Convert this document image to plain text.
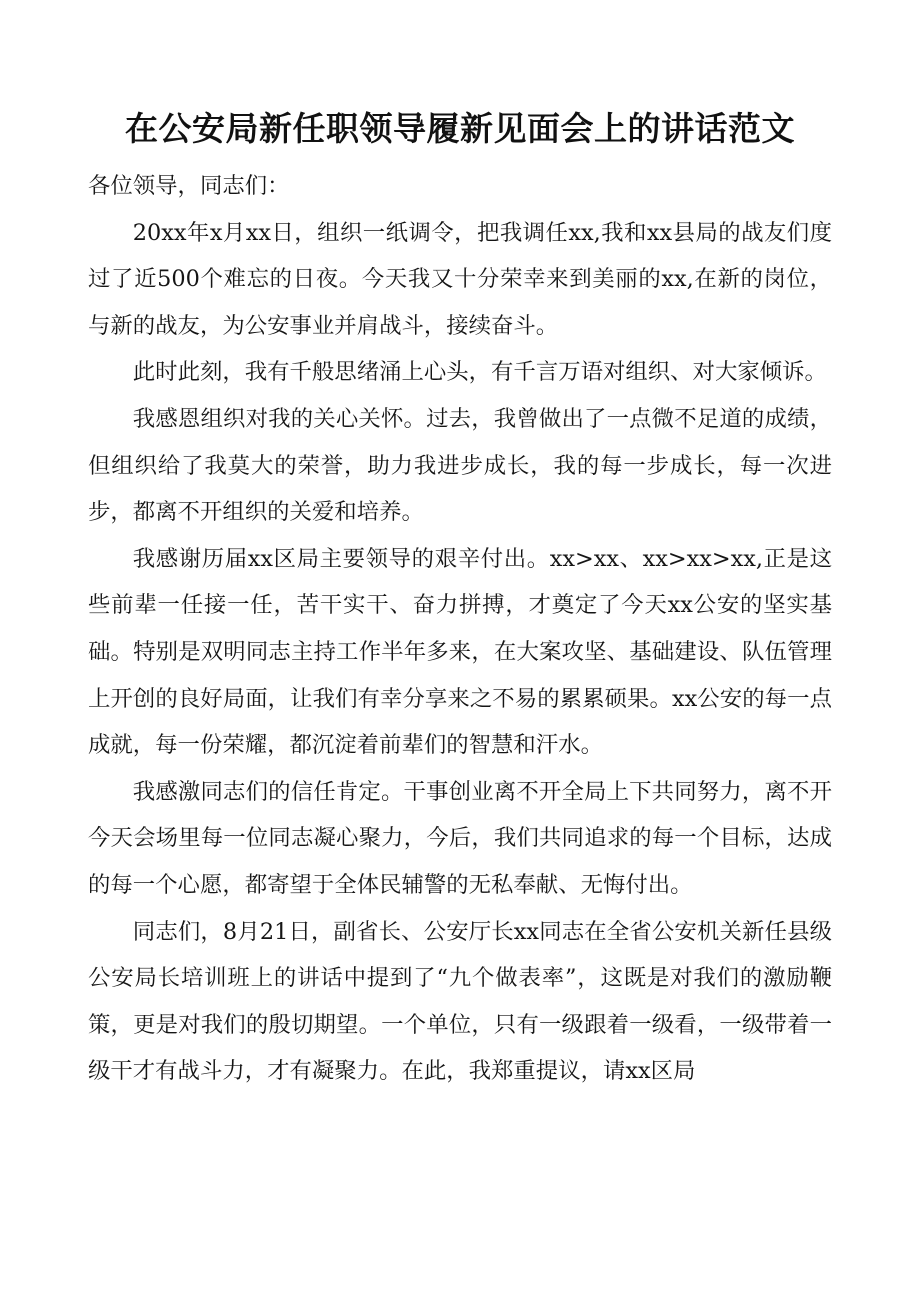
在公安局新任职领导履新见面会上的讲话范文

各位领导，同志们：

20xx年x月xx日，组织一纸调令，把我调任xx,我和xx县局的战友们度过了近500个难忘的日夜。今天我又十分荣幸来到美丽的xx,在新的岗位，与新的战友，为公安事业并肩战斗，接续奋斗。

此时此刻，我有千般思绪涌上心头，有千言万语对组织、对大家倾诉。

我感恩组织对我的关心关怀。过去，我曾做出了一点微不足道的成绩，但组织给了我莫大的荣誉，助力我进步成长，我的每一步成长，每一次进步，都离不开组织的关爱和培养。

我感谢历届xx区局主要领导的艰辛付出。xx>xx、xx>xx>xx,正是这些前辈一任接一任，苦干实干、奋力拼搏，才奠定了今天xx公安的坚实基础。特别是双明同志主持工作半年多来，在大案攻坚、基础建设、队伍管理上开创的良好局面，让我们有幸分享来之不易的累累硕果。xx公安的每一点成就，每一份荣耀，都沉淀着前辈们的智慧和汗水。

我感激同志们的信任肯定。干事创业离不开全局上下共同努力，离不开今天会场里每一位同志凝心聚力，今后，我们共同追求的每一个目标，达成的每一个心愿，都寄望于全体民辅警的无私奉献、无悔付出。

同志们，8月21日，副省长、公安厅长xx同志在全省公安机关新任县级公安局长培训班上的讲话中提到了“九个做表率”，这既是对我们的激励鞭策，更是对我们的殷切期望。一个单位，只有一级跟着一级看，一级带着一级干才有战斗力，才有凝聚力。在此，我郑重提议，请xx区局
